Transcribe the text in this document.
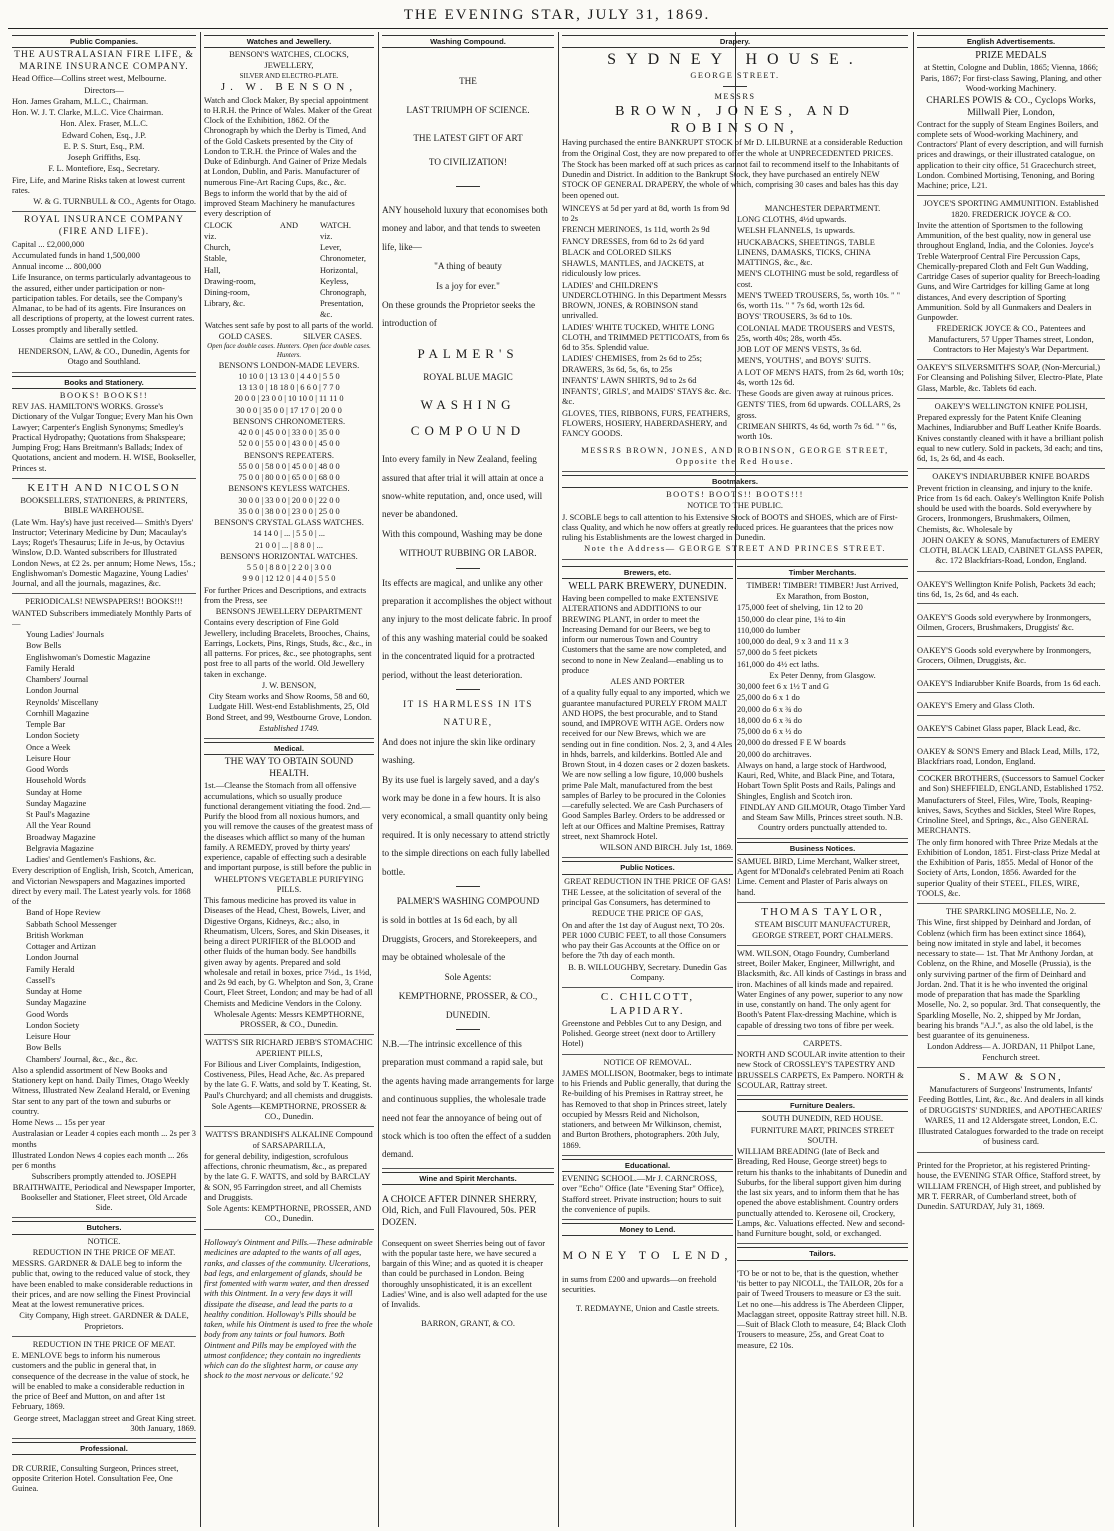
THE EVENING STAR, JULY 31, 1869.
Public Companies.

THE AUSTRALASIAN FIRE LIFE, & MARINE INSURANCE COMPANY.

Head Office—Collins street west, Melbourne.

Directors—

Hon. James Graham, M.L.C., Chairman.

Hon. W. J. T. Clarke, M.L.C. Vice Chairman.

Hon. Alex. Fraser, M.L.C.

Edward Cohen, Esq., J.P.

E. P. S. Sturt, Esq., P.M.

Joseph Griffiths, Esq.

F. L. Montefiore, Esq., Secretary.

Fire, Life, and Marine Risks taken at lowest current rates.

W. & G. TURNBULL & CO., Agents for Otago.

ROYAL INSURANCE COMPANY (FIRE AND LIFE).

Capital ... £2,000,000

Accumulated funds in hand 1,500,000

Annual income ... 800,000

Life Insurance, on terms particularly advantageous to the assured, either under participation or non-participation tables. For details, see the Company's Almanac, to be had of its agents. Fire Insurances on all descriptions of property, at the lowest current rates. Losses promptly and liberally settled.

Claims are settled in the Colony.

HENDERSON, LAW, & CO., Dunedin, Agents for Otago and Southland.

Books and Stationery.

BOOKS! BOOKS!!

REV JAS. HAMILTON'S WORKS. Grosse's Dictionary of the Vulgar Tongue; Every Man his Own Lawyer; Carpenter's English Synonyms; Smedley's Practical Hydropathy; Quotations from Shakspeare; Jumping Frog; Hans Breitmann's Ballads; Index of Quotations, ancient and modern. H. WISE, Bookseller, Princes st.

KEITH AND NICOLSON

BOOKSELLERS, STATIONERS, & PRINTERS, BIBLE WAREHOUSE.

(Late Wm. Hay's) have just received— Smith's Dyers' Instructor; Veterinary Medicine by Dun; Macaulay's Lays; Roget's Thesaurus; Life in Je-us, by Octavius Winslow, D.D. Wanted subscribers for Illustrated London News, at £2 2s. per annum; Home News, 15s.; Englishwoman's Domestic Magazine, Young Ladies' Journal, and all the journals, magazines, &c.

PERIODICALS! NEWSPAPERS!! BOOKS!!!

WANTED Subscribers immediately Monthly Parts of—

Young Ladies' Journals

Bow Bells

Englishwoman's Domestic Magazine

Family Herald

Chambers' Journal

London Journal

Reynolds' Miscellany

Cornhill Magazine

Temple Bar

London Society

Once a Week

Leisure Hour

Good Words

Household Words

Sunday at Home

Sunday Magazine

St Paul's Magazine

All the Year Round

Broadway Magazine

Belgravia Magazine

Ladies' and Gentlemen's Fashions, &c.

Every description of English, Irish, Scotch, American, and Victorian Newspapers and Magazines imported direct by every mail. The Latest yearly vols. for 1868 of the

Band of Hope Review

Sabbath School Messenger

British Workman

Cottager and Artizan

London Journal

Family Herald

Cassell's

Sunday at Home

Sunday Magazine

Good Words

London Society

Leisure Hour

Bow Bells

Chambers' Journal, &c., &c., &c.

Also a splendid assortment of New Books and Stationery kept on hand. Daily Times, Otago Weekly Witness, Illustrated New Zealand Herald, or Evening Star sent to any part of the town and suburbs or country.

Home News ... 15s per year

Australasian or Leader 4 copies each month ... 2s per 3 months

Illustrated London News 4 copies each month ... 26s per 6 months

Subscribers promptly attended to. JOSEPH BRAITHWAITE, Periodical and Newspaper Importer, Bookseller and Stationer, Fleet street, Old Arcade Side.

Butchers.

NOTICE.

REDUCTION IN THE PRICE OF MEAT.

MESSRS. GARDNER & DALE beg to inform the public that, owing to the reduced value of stock, they have been enabled to make considerable reductions in their prices, and are now selling the Finest Provincial Meat at the lowest remunerative prices.

City Company, High street. GARDNER & DALE, Proprietors.

REDUCTION IN THE PRICE OF MEAT.

E. MENLOVE begs to inform his numerous customers and the public in general that, in consequence of the decrease in the value of stock, he will be enabled to make a considerable reduction in the price of Beef and Mutton, on and after 1st February, 1869.

George street, Maclaggan street and Great King street. 30th January, 1869.

Professional.

DR CURRIE, Consulting Surgeon, Princes street, opposite Criterion Hotel. Consultation Fee, One Guinea.

Watches and Jewellery.

BENSON'S WATCHES, CLOCKS, JEWELLERY,

SILVER AND ELECTRO-PLATE.

J. W. BENSON,

Watch and Clock Maker, By special appointment to H.R.H. the Prince of Wales. Maker of the Great Clock of the Exhibition, 1862. Of the Chronograph by which the Derby is Timed, And of the Gold Caskets presented by the City of London to T.R.H. the Prince of Wales and the Duke of Edinburgh. And Gainer of Prize Medals at London, Dublin, and Paris. Manufacturer of numerous Fine-Art Racing Cups, &c., &c.

Begs to inform the world that by the aid of improved Steam Machinery he manufactures every description of

CLOCK

viz.

Church,

Stable,

Hall,

Drawing-room,

Dining-room,

Library, &c.

AND	WATCH.

viz.

Lever,

Chronometer,

Horizontal,

Keyless,

Chronograph,

Presentation, &c.

Watches sent safe by post to all parts of the world.

GOLD CASES.	SILVER CASES.

Open face double cases. Hunters. Open face double cases. Hunters.

BENSON'S LONDON-MADE LEVERS.

10 10 0 | 13 13 0 | 4 4 0 | 5 5 0

13 13 0 | 18 18 0 | 6 6 0 | 7 7 0

20 0 0 | 23 0 0 | 10 10 0 | 11 11 0

30 0 0 | 35 0 0 | 17 17 0 | 20 0 0

BENSON'S CHRONOMETERS.

42 0 0 | 45 0 0 | 33 0 0 | 35 0 0

52 0 0 | 55 0 0 | 43 0 0 | 45 0 0

BENSON'S REPEATERS.

55 0 0 | 58 0 0 | 45 0 0 | 48 0 0

75 0 0 | 80 0 0 | 65 0 0 | 68 0 0

BENSON'S KEYLESS WATCHES.

30 0 0 | 33 0 0 | 20 0 0 | 22 0 0

35 0 0 | 38 0 0 | 23 0 0 | 25 0 0

BENSON'S CRYSTAL GLASS WATCHES.

14 14 0 | ... | 5 5 0 | ...

21 0 0 | ... | 8 8 0 | ...

BENSON'S HORIZONTAL WATCHES.

5 5 0 | 8 8 0 | 2 2 0 | 3 0 0

9 9 0 | 12 12 0 | 4 4 0 | 5 5 0

For further Prices and Descriptions, and extracts from the Press, see

BENSON'S JEWELLERY DEPARTMENT

Contains every description of Fine Gold Jewellery, including Bracelets, Brooches, Chains, Earrings, Lockets, Pins, Rings, Studs, &c., &c., in all patterns. For prices, &c., see photographs, sent post free to all parts of the world. Old Jewellery taken in exchange.

J. W. BENSON,

City Steam works and Show Rooms, 58 and 60, Ludgate Hill. West-end Establishments, 25, Old Bond Street, and 99, Westbourne Grove, London.

Established 1749.

Medical.

THE WAY TO OBTAIN SOUND HEALTH.

1st.—Cleanse the Stomach from all offensive accumulations, which so usually produce functional derangement vitiating the food. 2nd.—Purify the blood from all noxious humors, and you will remove the causes of the greatest mass of the diseases which afflict so many of the human family. A REMEDY, proved by thirty years' experience, capable of effecting such a desirable and important purpose, is still before the public in

WHELPTON'S VEGETABLE PURIFYING PILLS.

This famous medicine has proved its value in Diseases of the Head, Chest, Bowels, Liver, and Digestive Organs, Kidneys, &c.; also, in Rheumatism, Ulcers, Sores, and Skin Diseases, it being a direct PURIFIER of the BLOOD and other fluids of the human body. See handbills given away by agents. Prepared and sold wholesale and retail in boxes, price 7½d., 1s 1½d, and 2s 9d each, by G. Whelpton and Son, 3, Crane Court, Fleet Street, London; and may be had of all Chemists and Medicine Vendors in the Colony.

Wholesale Agents: Messrs KEMPTHORNE, PROSSER, & CO., Dunedin.

WATTS'S SIR RICHARD JEBB'S STOMACHIC APERIENT PILLS,

For Bilious and Liver Complaints, Indigestion, Costiveness, Piles, Head Ache, &c. As prepared by the late G. F. Watts, and sold by T. Keating, St. Paul's Churchyard; and all chemists and druggists.

Sole Agents—KEMPTHORNE, PROSSER & CO., Dunedin.

WATTS'S BRANDISH'S ALKALINE Compound of SARSAPARILLA,

for general debility, indigestion, scrofulous affections, chronic rheumatism, &c., as prepared by the late G. F. WATTS, and sold by BARCLAY & SON, 95 Farringdon street, and all Chemists and Druggists.

Sole Agents: KEMPTHORNE, PROSSER, AND CO., Dunedin.

Holloway's Ointment and Pills.—These admirable medicines are adapted to the wants of all ages, ranks, and classes of the community. Ulcerations, bad legs, and enlargement of glands, should be first fomented with warm water, and then dressed with this Ointment. In a very few days it will dissipate the disease, and lead the parts to a healthy condition. Holloway's Pills should be taken, while his Ointment is used to free the whole body from any taints or foul humors. Both Ointment and Pills may be employed with the utmost confidence; they contain no ingredients which can do the slightest harm, or cause any shock to the most nervous or delicate.' 92

Washing Compound.

THE

LAST TRIUMPH OF SCIENCE.

THE LATEST GIFT OF ART

TO CIVILIZATION!

ANY household luxury that economises both money and labor, and that tends to sweeten life, like—

"A thing of beauty

Is a joy for ever."

On these grounds the Proprietor seeks the introduction of

PALMER'S

ROYAL BLUE MAGIC

WASHING COMPOUND

Into every family in New Zealand, feeling assured that after trial it will attain at once a snow-white reputation, and, once used, will never be abandoned.

With this compound, Washing may be done

WITHOUT RUBBING OR LABOR.

Its effects are magical, and unlike any other preparation it accomplishes the object without any injury to the most delicate fabric. In proof of this any washing material could be soaked in the concentrated liquid for a protracted period, without the least deterioration.

IT IS HARMLESS IN ITS NATURE,

And does not injure the skin like ordinary washing.

By its use fuel is largely saved, and a day's work may be done in a few hours. It is also very economical, a small quantity only being required. It is only necessary to attend strictly to the simple directions on each fully labelled bottle.

PALMER'S WASHING COMPOUND

is sold in bottles at 1s 6d each, by all Druggists, Grocers, and Storekeepers, and may be obtained wholesale of the

Sole Agents:

KEMPTHORNE, PROSSER, & CO., DUNEDIN.

N.B.—The intrinsic excellence of this preparation must command a rapid sale, but the agents having made arrangements for large and continuous supplies, the wholesale trade need not fear the annoyance of being out of stock which is too often the effect of a sudden demand.

Wine and Spirit Merchants.

A CHOICE AFTER DINNER SHERRY, Old, Rich, and Full Flavoured, 50s. PER DOZEN.

Consequent on sweet Sherries being out of favor with the popular taste here, we have secured a bargain of this Wine; and as quoted it is cheaper than could be purchased in London. Being thoroughly unsophisticated, it is an excellent Ladies' Wine, and is also well adapted for the use of Invalids.

BARRON, GRANT, & CO.

Drapery.

SYDNEY HOUSE.

GEORGE STREET.

MESSRS

BROWN, JONES, AND ROBINSON,

Having purchased the entire BANKRUPT STOCK of Mr D. LILBURNE at a considerable Reduction from the Original Cost, they are now prepared to offer the whole at UNPRECEDENTED PRICES.

The Stock has been marked off at such prices as cannot fail to recommend itself to the Inhabitants of Dunedin and District. In addition to the Bankrupt Stock, they have purchased an entirely NEW STOCK OF GENERAL DRAPERY, the whole of which, comprising 30 cases and bales has this day been opened out.

WINCEYS at 5d per yard at 8d, worth 1s from 9d to 2s

FRENCH MERINOES, 1s 11d, worth 2s 9d

FANCY DRESSES, from 6d to 2s 6d yard

BLACK and COLORED SILKS

SHAWLS, MANTLES, and JACKETS, at ridiculously low prices.

LADIES' and CHILDREN'S UNDERCLOTHING. In this Department Messrs BROWN, JONES, & ROBINSON stand unrivalled.

LADIES' WHITE TUCKED, WHITE LONG CLOTH, and TRIMMED PETTICOATS, from 6s 6d to 35s. Splendid value.

LADIES' CHEMISES, from 2s 6d to 25s; DRAWERS, 3s 6d, 5s, 6s, to 25s

INFANTS' LAWN SHIRTS, 9d to 2s 6d

INFANTS', GIRLS', and MAIDS' STAYS &c. &c. &c.

GLOVES, TIES, RIBBONS, FURS, FEATHERS, FLOWERS, HOSIERY, HABERDASHERY, and FANCY GOODS.

MANCHESTER DEPARTMENT.

LONG CLOTHS, 4½d upwards.

WELSH FLANNELS, 1s upwards.

HUCKABACKS, SHEETINGS, TABLE LINENS, DAMASKS, TICKS, CHINA MATTINGS, &c., &c.

MEN'S CLOTHING must be sold, regardless of cost.

MEN'S TWEED TROUSERS, 5s, worth 10s. " " 6s, worth 11s. " " 7s 6d, worth 12s 6d.

BOYS' TROUSERS, 3s 6d to 10s.

COLONIAL MADE TROUSERS and VESTS, 25s, worth 40s; 28s, worth 45s.

JOB LOT OF MEN'S VESTS, 3s 6d.

MEN'S, YOUTHS', and BOYS' SUITS.

A LOT OF MEN'S HATS, from 2s 6d, worth 10s; 4s, worth 12s 6d.

These Goods are given away at ruinous prices.

GENTS' TIES, from 6d upwards. COLLARS, 2s gross.

CRIMEAN SHIRTS, 4s 6d, worth 7s 6d. " " 6s, worth 10s.

MESSRS BROWN, JONES, AND ROBINSON, GEORGE STREET, Opposite the Red House.

Bootmakers.

BOOTS! BOOTS!! BOOTS!!!

NOTICE TO THE PUBLIC.

J. SCOBLE begs to call attention to his Extensive Stock of BOOTS and SHOES, which are of First-class Quality, and which he now offers at greatly reduced prices. He guarantees that the prices now ruling his Establishments are the lowest charged in Dunedin.

Note the Address— GEORGE STREET AND PRINCES STREET.

Brewers, etc.

WELL PARK BREWERY, DUNEDIN.

Having been compelled to make EXTENSIVE ALTERATIONS and ADDITIONS to our BREWING PLANT, in order to meet the Increasing Demand for our Beers, we beg to inform our numerous Town and Country Customers that the same are now completed, and second to none in New Zealand—enabling us to produce

ALES AND PORTER

of a quality fully equal to any imported, which we guarantee manufactured PURELY FROM MALT AND HOPS, the best procurable, and to Stand sound, and IMPROVE WITH AGE. Orders now received for our New Brews, which we are sending out in fine condition. Nos. 2, 3, and 4 Ales in hhds, barrels, and kilderkins. Bottled Ale and Brown Stout, in 4 dozen cases or 2 dozen baskets. We are now selling a low figure, 10,000 bushels prime Pale Malt, manufactured from the best samples of Barley to be procured in the Colonies—carefully selected. We are Cash Purchasers of Good Samples Barley. Orders to be addressed or left at our Offices and Maltine Premises, Rattray street, next Shamrock Hotel.

WILSON AND BIRCH. July 1st, 1869.

Public Notices.

GREAT REDUCTION IN THE PRICE OF GAS!

THE Lessee, at the solicitation of several of the principal Gas Consumers, has determined to

REDUCE THE PRICE OF GAS,

On and after the 1st day of August next, TO 20s. PER 1000 CUBIC FEET, to all those Consumers who pay their Gas Accounts at the Office on or before the 7th day of each month.

B. B. WILLOUGHBY, Secretary. Dunedin Gas Company.

C. CHILCOTT, LAPIDARY.

Greenstone and Pebbles Cut to any Design, and Polished. George street (next door to Artillery Hotel)

NOTICE OF REMOVAL.

JAMES MOLLISON, Bootmaker, begs to intimate to his Friends and Public generally, that during the Re-building of his Premises in Rattray street, he has Removed to that shop in Princes street, lately occupied by Messrs Reid and Nicholson, stationers, and between Mr Wilkinson, chemist, and Burton Brothers, photographers. 20th July, 1869.

Educational.

EVENING SCHOOL.—Mr J. CARNCROSS, over "Echo" Office (late "Evening Star" Office), Stafford street. Private instruction; hours to suit the convenience of pupils.

Money to Lend.

MONEY TO LEND,

in sums from £200 and upwards—on freehold securities.

T. REDMAYNE, Union and Castle streets.

Timber Merchants.

TIMBER! TIMBER! TIMBER! Just Arrived,

Ex Marathon, from Boston,

175,000 feet of shelving, 1in 12 to 20

150,000 do clear pine, 1¼ to 4in

110,000 do lumber

100,000 do deal, 9 x 3 and 11 x 3

57,000 do 5 feet pickets

161,000 do 4½ ect laths.

Ex Peter Denny, from Glasgow.

30,000 feet 6 x 1½ T and G

25,000 do 6 x 1 do

20,000 do 6 x ¾ do

18,000 do 6 x ¾ do

75,000 do 6 x ½ do

20,000 do dressed F E W boards

20,000 do architraves.

Always on hand, a large stock of Hardwood, Kauri, Red, White, and Black Pine, and Totara, Hobart Town Split Posts and Rails, Palings and Shingles, English and Scotch iron.

FINDLAY AND GILMOUR, Otago Timber Yard and Steam Saw Mills, Princes street south. N.B. Country orders punctually attended to.

Business Notices.

SAMUEL BIRD, Lime Merchant, Walker street, Agent for M'Donald's celebrated Penim ati Roach Lime. Cement and Plaster of Paris always on hand.

THOMAS TAYLOR,

STEAM BISCUIT MANUFACTURER, GEORGE STREET, PORT CHALMERS.

WM. WILSON, Otago Foundry, Cumberland street, Boiler Maker, Engineer, Millwright, and Blacksmith, &c. All kinds of Castings in brass and iron. Machines of all kinds made and repaired. Water Engines of any power, superior to any now in use, constantly on hand. The only agent for Booth's Patent Flax-dressing Machine, which is capable of dressing two tons of fibre per week.

CARPETS.

NORTH AND SCOULAR invite attention to their new Stock of CROSSLEY'S TAPESTRY AND BRUSSELS CARPETS, Ex Pampero. NORTH & SCOULAR, Rattray street.

Furniture Dealers.

SOUTH DUNEDIN, RED HOUSE.

FURNITURE MART, PRINCES STREET SOUTH.

WILLIAM BREADING (late of Beck and Breading, Red House, George street) begs to return his thanks to the inhabitants of Dunedin and Suburbs, for the liberal support given him during the last six years, and to inform them that he has opened the above establishment. Country orders punctually attended to. Kerosene oil, Crockery, Lamps, &c. Valuations effected. New and second-hand Furniture bought, sold, or exchanged.

Tailors.

'TO be or not to be, that is the question, whether 'tis better to pay NICOLL, the TAILOR, 20s for a pair of Tweed Trousers to measure or £3 the suit. Let no one—his address is The Aberdeen Clipper, Maclaggan street, opposite Rattray street hill. N.B.—Suit of Black Cloth to measure, £4; Black Cloth Trousers to measure, 25s, and Great Coat to measure, £2 10s.

English Advertisements.

PRIZE MEDALS

at Stettin, Cologne and Dublin, 1865; Vienna, 1866; Paris, 1867; For first-class Sawing, Planing, and other Wood-working Machinery.

CHARLES POWIS & CO., Cyclops Works, Millwall Pier, London,

Contract for the supply of Steam Engines Boilers, and complete sets of Wood-working Machinery, and Contractors' Plant of every description, and will furnish prices and drawings, or their illustrated catalogue, on application to their city office, 51 Gracechurch street, London. Combined Mortising, Tenoning, and Boring Machine; price, L21.

JOYCE'S SPORTING AMMUNITION. Established 1820. FREDERICK JOYCE & CO.

Invite the attention of Sportsmen to the following Ammunition, of the best quality, now in general use throughout England, India, and the Colonies. Joyce's Treble Waterproof Central Fire Percussion Caps, Chemically-prepared Cloth and Felt Gun Wadding, Cartridge Cases of superior quality for Breech-loading Guns, and Wire Cartridges for killing Game at long distances, And every description of Sporting Ammunition. Sold by all Gunmakers and Dealers in Gunpowder.

FREDERICK JOYCE & CO., Patentees and Manufacturers, 57 Upper Thames street, London, Contractors to Her Majesty's War Department.

OAKEY'S SILVERSMITH'S SOAP, (Non-Mercurial,) For Cleansing and Polishing Silver, Electro-Plate, Plate Glass, Marble, &c. Tablets 6d each.

OAKEY'S WELLINGTON KNIFE POLISH,

Prepared expressly for the Patent Knife Cleaning Machines, Indiarubber and Buff Leather Knife Boards. Knives constantly cleaned with it have a brilliant polish equal to new cutlery. Sold in packets, 3d each; and tins, 6d, 1s, 2s 6d, and 4s each.

OAKEY'S INDIARUBBER KNIFE BOARDS

Prevent friction in cleansing, and injury to the knife. Price from 1s 6d each. Oakey's Wellington Knife Polish should be used with the boards. Sold everywhere by Grocers, Ironmongers, Brushmakers, Oilmen, Chemists, &c. Wholesale by

JOHN OAKEY & SONS, Manufacturers of EMERY CLOTH, BLACK LEAD, CABINET GLASS PAPER, &c. 172 Blackfriars-Road, London, England.

OAKEY'S Wellington Knife Polish, Packets 3d each; tins 6d, 1s, 2s 6d, and 4s each.

OAKEY'S Goods sold everywhere by Ironmongers, Oilmen, Grocers, Brushmakers, Druggists' &c.

OAKEY'S Goods sold everywhere by Ironmongers, Grocers, Oilmen, Druggists, &c.

OAKEY'S Indiarubber Knife Boards, from 1s 6d each.

OAKEY'S Emery and Glass Cloth.

OAKEY'S Cabinet Glass paper, Black Lead, &c.

OAKEY & SON'S Emery and Black Lead, Mills, 172, Blackfriars road, London, England.

COCKER BROTHERS, (Successors to Samuel Cocker and Son) SHEFFIELD, ENGLAND, Established 1752.

Manufacturers of Steel, Files, Wire, Tools, Reaping-knives, Saws, Scythes and Sickles, Steel Wire Ropes, Crinoline Steel, and Springs, &c., Also GENERAL MERCHANTS.

The only firm honored with Three Prize Medals at the Exhibition of London, 1851. First-class Prize Medal at the Exhibition of Paris, 1855. Medal of Honor of the Society of Arts, London, 1856. Awarded for the superior Quality of their STEEL, FILES, WIRE, TOOLS, &c.

THE SPARKLING MOSELLE, No. 2.

This Wine, first shipped by Deinhard and Jordan, of Coblenz (which firm has been extinct since 1864), being now imitated in style and label, it becomes necessary to state— 1st. That Mr Anthony Jordan, at Coblenz, on the Rhine, and Moselle (Prussia), is the only surviving partner of the firm of Deinhard and Jordan. 2nd. That it is he who invented the original mode of preparation that has made the Sparkling Moselle, No. 2, so popular. 3rd. That consequently, the Sparkling Moselle, No. 2, shipped by Mr Jordan, bearing his brands "A.J.", as also the old label, is the best guarantee of its genuineness.

London Address— A. JORDAN, 11 Philpot Lane, Fenchurch street.

S. MAW & SON,

Manufacturers of Surgeons' Instruments, Infants' Feeding Bottles, Lint, &c., &c. And dealers in all kinds of DRUGGISTS' SUNDRIES, and APOTHECARIES' WARES, 11 and 12 Aldersgate street, London, E.C.

Illustrated Catalogues forwarded to the trade on receipt of business card.

Printed for the Proprietor, at his registered Printing-house, the EVENING STAR Office, Stafford street, by WILLIAM FRENCH, of High street, and published by MR T. FERRAR, of Cumberland street, both of Dunedin. SATURDAY, July 31, 1869.
